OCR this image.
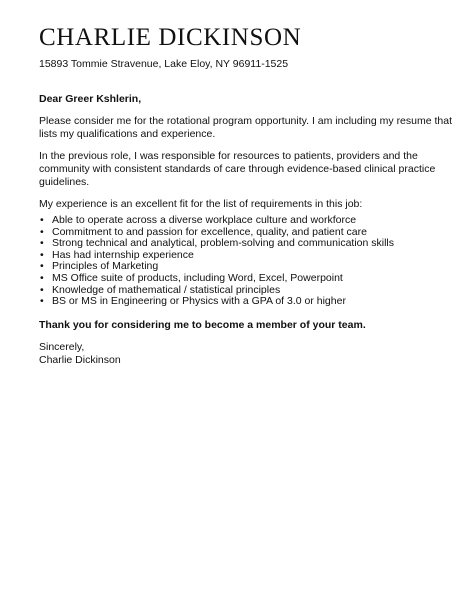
CHARLIE DICKINSON
15893 Tommie Stravenue, Lake Eloy, NY 96911-1525
Dear Greer Kshlerin,

Please consider me for the rotational program opportunity. I am including my resume that lists my qualifications and experience.

In the previous role, I was responsible for resources to patients, providers and the community with consistent standards of care through evidence-based clinical practice guidelines.

My experience is an excellent fit for the list of requirements in this job:

• Able to operate across a diverse workplace culture and workforce
• Commitment to and passion for excellence, quality, and patient care
• Strong technical and analytical, problem-solving and communication skills
• Has had internship experience
• Principles of Marketing
• MS Office suite of products, including Word, Excel, Powerpoint
• Knowledge of mathematical / statistical principles
• BS or MS in Engineering or Physics with a GPA of 3.0 or higher

Thank you for considering me to become a member of your team.

Sincerely,

Charlie Dickinson
